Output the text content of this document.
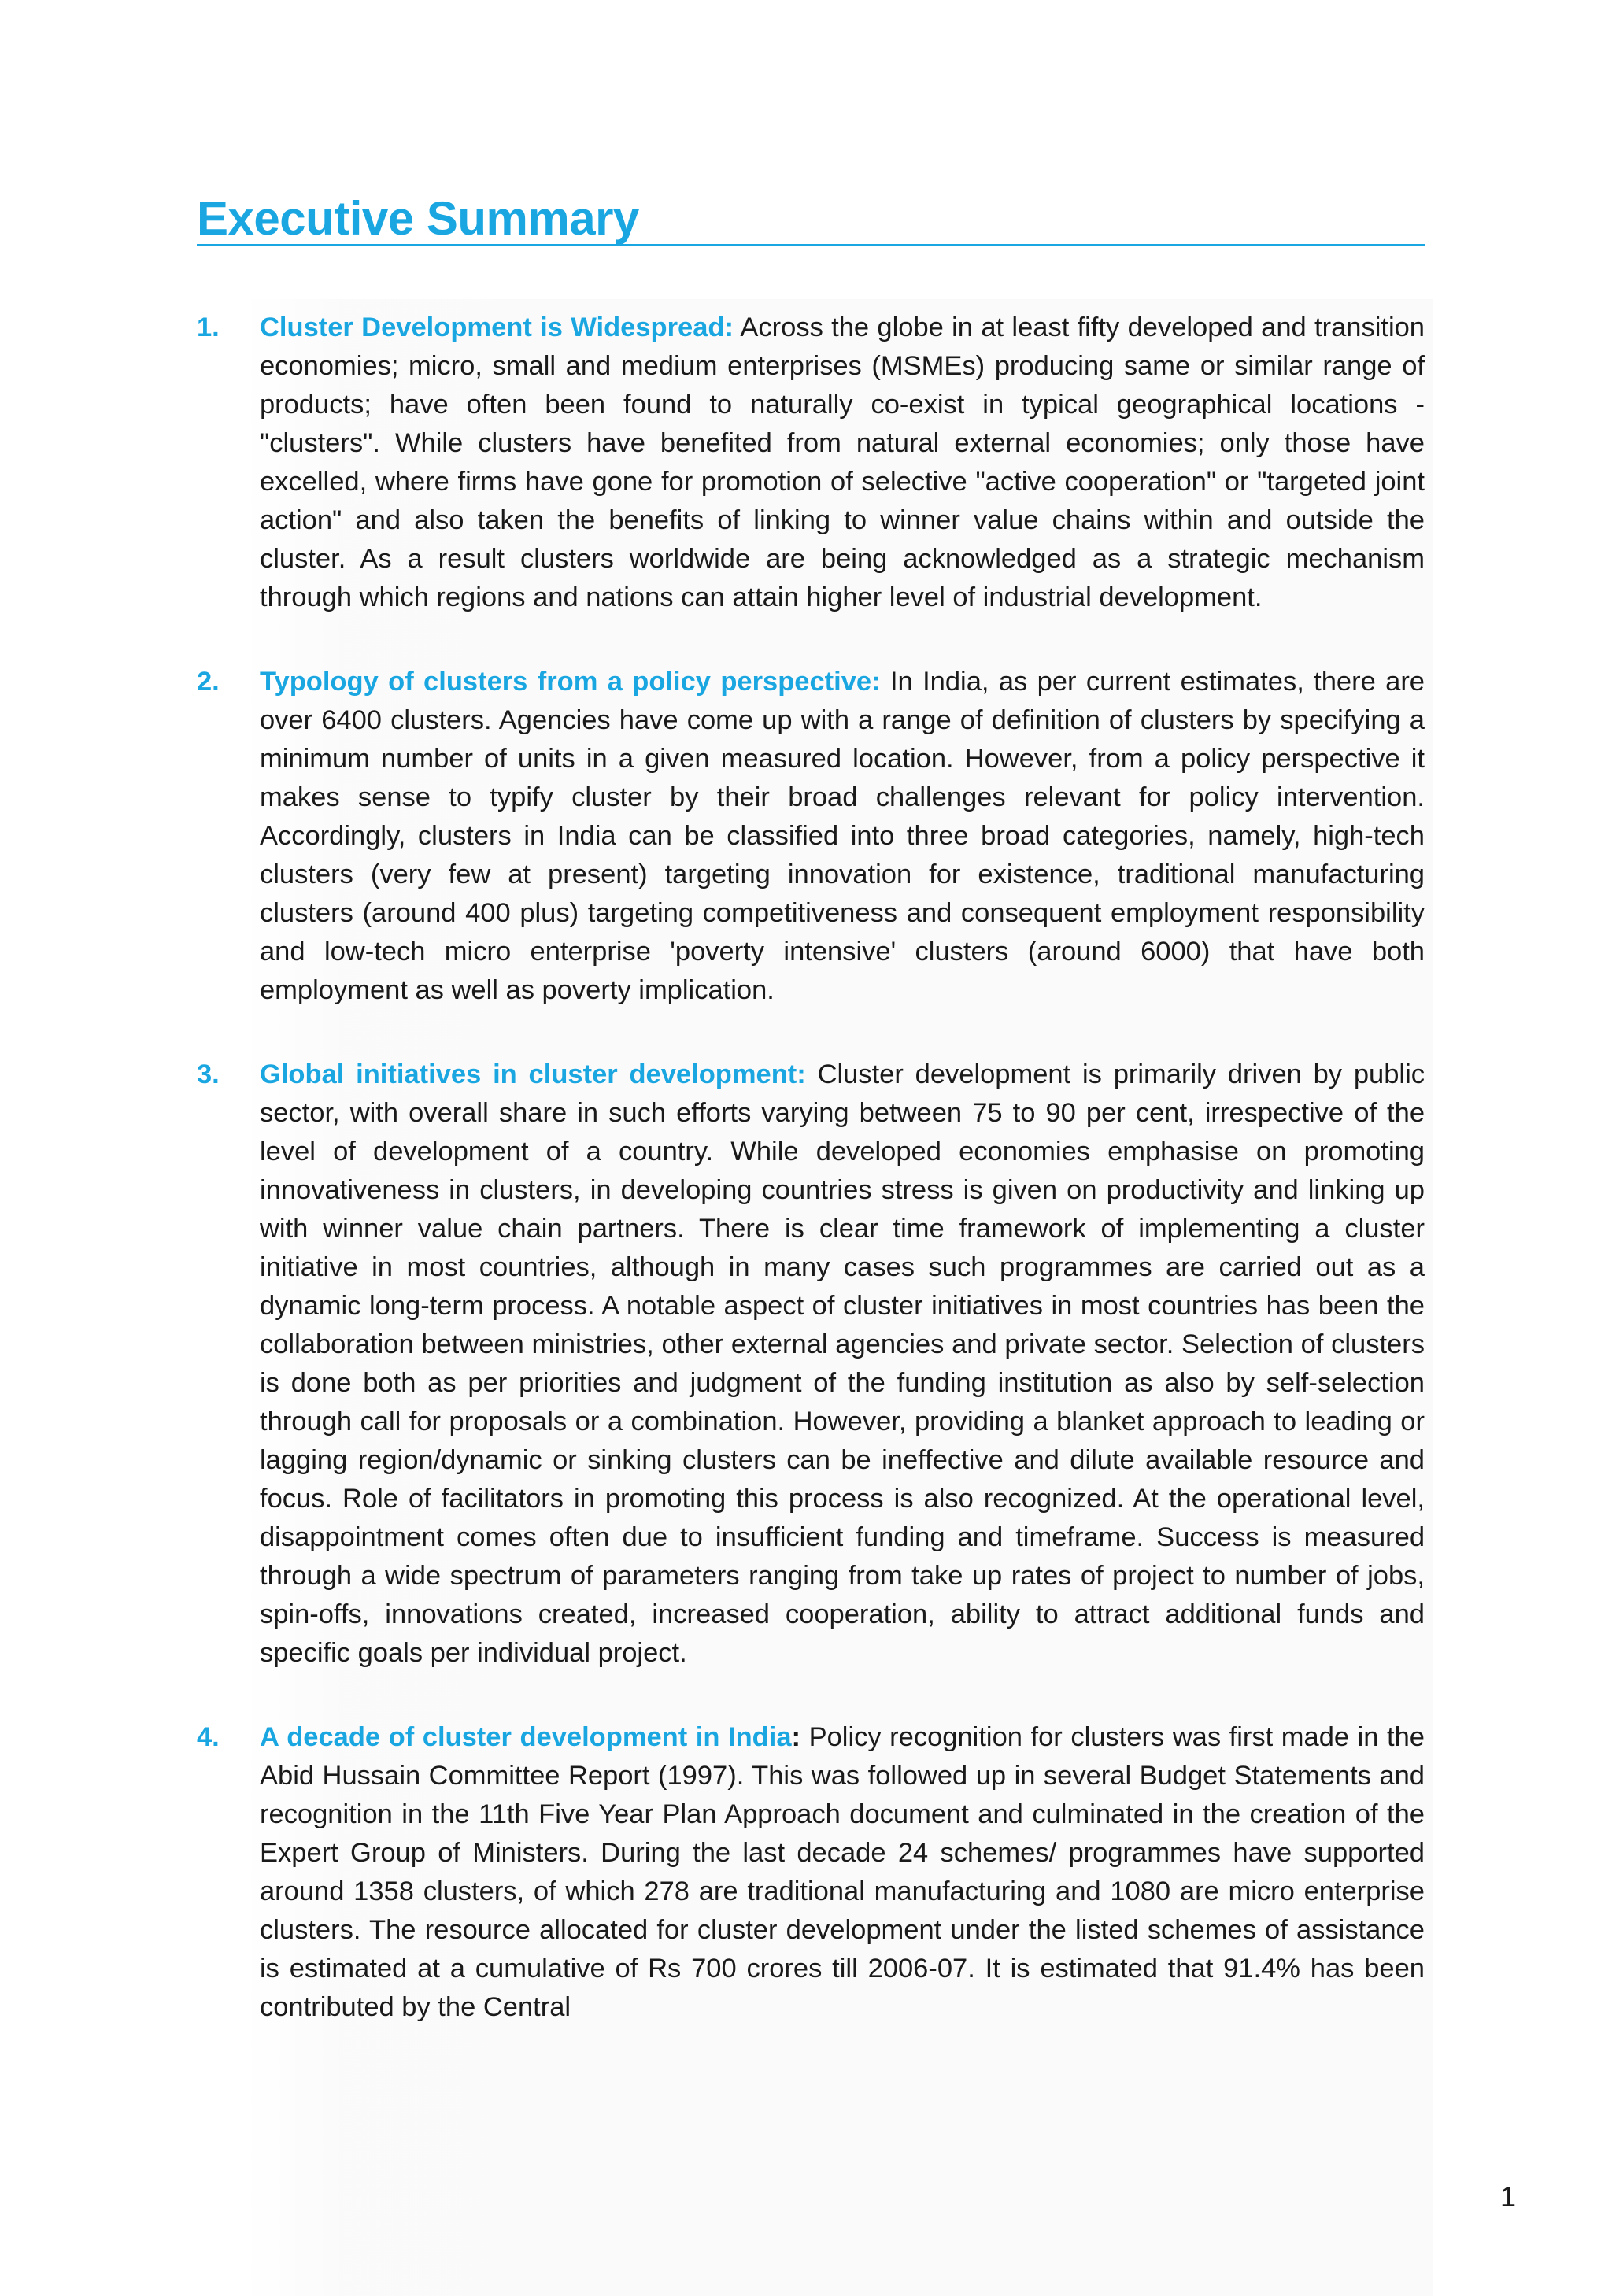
Executive Summary
1. Cluster Development is Widespread: Across the globe in at least fifty developed and transition economies; micro, small and medium enterprises (MSMEs) producing same or similar range of products; have often been found to naturally co-exist in typical geographical locations - "clusters". While clusters have benefited from natural external economies; only those have excelled, where firms have gone for promotion of selective "active cooperation" or "targeted joint action" and also taken the benefits of linking to winner value chains within and outside the cluster. As a result clusters worldwide are being acknowledged as a strategic mechanism through which regions and nations can attain higher level of industrial development.

2. Typology of clusters from a policy perspective: In India, as per current estimates, there are over 6400 clusters. Agencies have come up with a range of definition of clusters by specifying a minimum number of units in a given measured location. However, from a policy perspective it makes sense to typify cluster by their broad challenges relevant for policy intervention. Accordingly, clusters in India can be classified into three broad categories, namely, high-tech clusters (very few at present) targeting innovation for existence, traditional manufacturing clusters (around 400 plus) targeting competitiveness and consequent employment responsibility and low-tech micro enterprise 'poverty intensive' clusters (around 6000) that have both employment as well as poverty implication.

3. Global initiatives in cluster development: Cluster development is primarily driven by public sector, with overall share in such efforts varying between 75 to 90 per cent, irrespective of the level of development of a country. While developed economies emphasise on promoting innovativeness in clusters, in developing countries stress is given on productivity and linking up with winner value chain partners. There is clear time framework of implementing a cluster initiative in most countries, although in many cases such programmes are carried out as a dynamic long-term process. A notable aspect of cluster initiatives in most countries has been the collaboration between ministries, other external agencies and private sector. Selection of clusters is done both as per priorities and judgment of the funding institution as also by self-selection through call for proposals or a combination. However, providing a blanket approach to leading or lagging region/dynamic or sinking clusters can be ineffective and dilute available resource and focus. Role of facilitators in promoting this process is also recognized. At the operational level, disappointment comes often due to insufficient funding and timeframe. Success is measured through a wide spectrum of parameters ranging from take up rates of project to number of jobs, spin-offs, innovations created, increased cooperation, ability to attract additional funds and specific goals per individual project.

4. A decade of cluster development in India: Policy recognition for clusters was first made in the Abid Hussain Committee Report (1997). This was followed up in several Budget Statements and recognition in the 11th Five Year Plan Approach document and culminated in the creation of the Expert Group of Ministers. During the last decade 24 schemes/ programmes have supported around 1358 clusters, of which 278 are traditional manufacturing and 1080 are micro enterprise clusters. The resource allocated for cluster development under the listed schemes of assistance is estimated at a cumulative of Rs 700 crores till 2006-07. It is estimated that 91.4% has been contributed by the Central

1
